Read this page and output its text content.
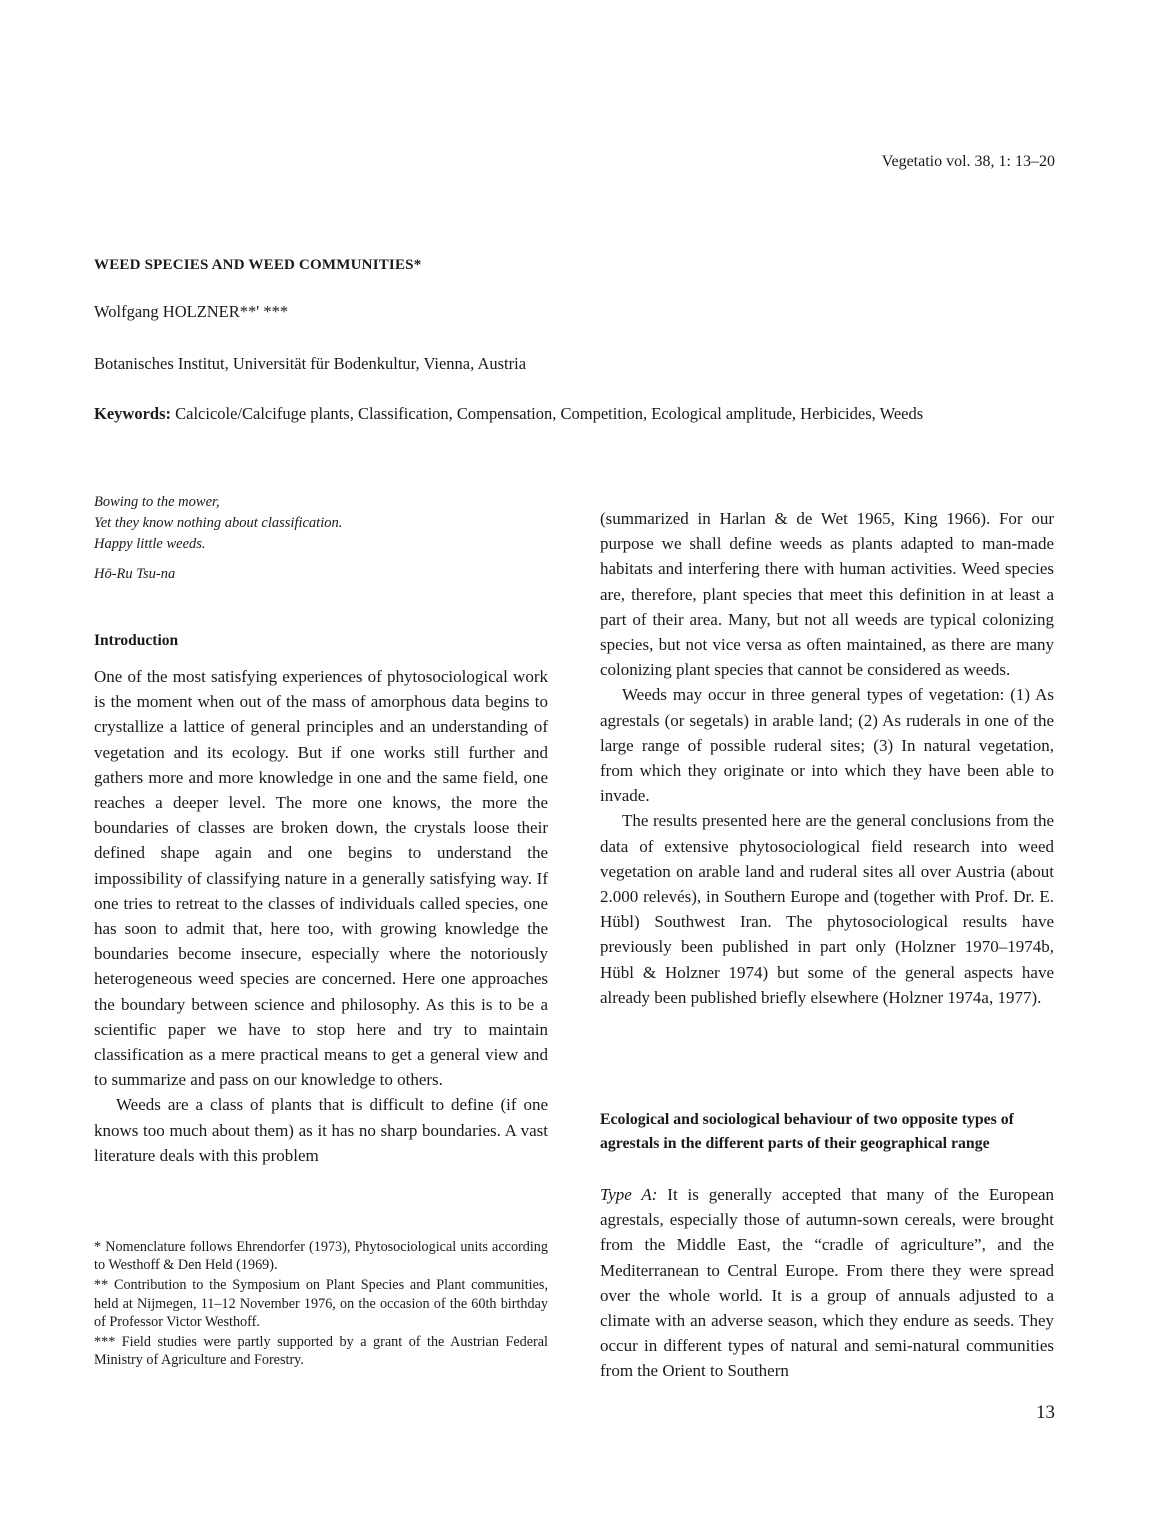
Vegetatio vol. 38, 1: 13–20
WEED SPECIES AND WEED COMMUNITIES*
Wolfgang HOLZNER**' ***
Botanisches Institut, Universität für Bodenkultur, Vienna, Austria
Keywords: Calcicole/Calcifuge plants, Classification, Compensation, Competition, Ecological amplitude, Herbicides, Weeds
Bowing to the mower,
Yet they know nothing about classification.
Happy little weeds.
Hō-Ru Tsu-na
Introduction

One of the most satisfying experiences of phytosociological work is the moment when out of the mass of amorphous data begins to crystallize a lattice of general principles and an understanding of vegetation and its ecology. But if one works still further and gathers more and more knowledge in one and the same field, one reaches a deeper level. The more one knows, the more the boundaries of classes are broken down, the crystals loose their defined shape again and one begins to understand the impossibility of classifying nature in a generally satisfying way. If one tries to retreat to the classes of individuals called species, one has soon to admit that, here too, with growing knowledge the boundaries become insecure, especially where the notoriously heterogeneous weed species are concerned. Here one approaches the boundary between science and philosophy. As this is to be a scientific paper we have to stop here and try to maintain classification as a mere practical means to get a general view and to summarize and pass on our knowledge to others.

Weeds are a class of plants that is difficult to define (if one knows too much about them) as it has no sharp boundaries. A vast literature deals with this problem

* Nomenclature follows Ehrendorfer (1973), Phytosociological units according to Westhoff & Den Held (1969).

** Contribution to the Symposium on Plant Species and Plant communities, held at Nijmegen, 11–12 November 1976, on the occasion of the 60th birthday of Professor Victor Westhoff.

*** Field studies were partly supported by a grant of the Austrian Federal Ministry of Agriculture and Forestry.

(summarized in Harlan & de Wet 1965, King 1966). For our purpose we shall define weeds as plants adapted to man-made habitats and interfering there with human activities. Weed species are, therefore, plant species that meet this definition in at least a part of their area. Many, but not all weeds are typical colonizing species, but not vice versa as often maintained, as there are many colonizing plant species that cannot be considered as weeds.

Weeds may occur in three general types of vegetation: (1) As agrestals (or segetals) in arable land; (2) As ruderals in one of the large range of possible ruderal sites; (3) In natural vegetation, from which they originate or into which they have been able to invade.

The results presented here are the general conclusions from the data of extensive phytosociological field research into weed vegetation on arable land and ruderal sites all over Austria (about 2.000 relevés), in Southern Europe and (together with Prof. Dr. E. Hübl) Southwest Iran. The phytosociological results have previously been published in part only (Holzner 1970–1974b, Hübl & Holzner 1974) but some of the general aspects have already been published briefly elsewhere (Holzner 1974a, 1977).

Ecological and sociological behaviour of two opposite types of agrestals in the different parts of their geographical range

Type A: It is generally accepted that many of the European agrestals, especially those of autumn-sown cereals, were brought from the Middle East, the “cradle of agriculture”, and the Mediterranean to Central Europe. From there they were spread over the whole world. It is a group of annuals adjusted to a climate with an adverse season, which they endure as seeds. They occur in different types of natural and semi-natural communities from the Orient to Southern

13
